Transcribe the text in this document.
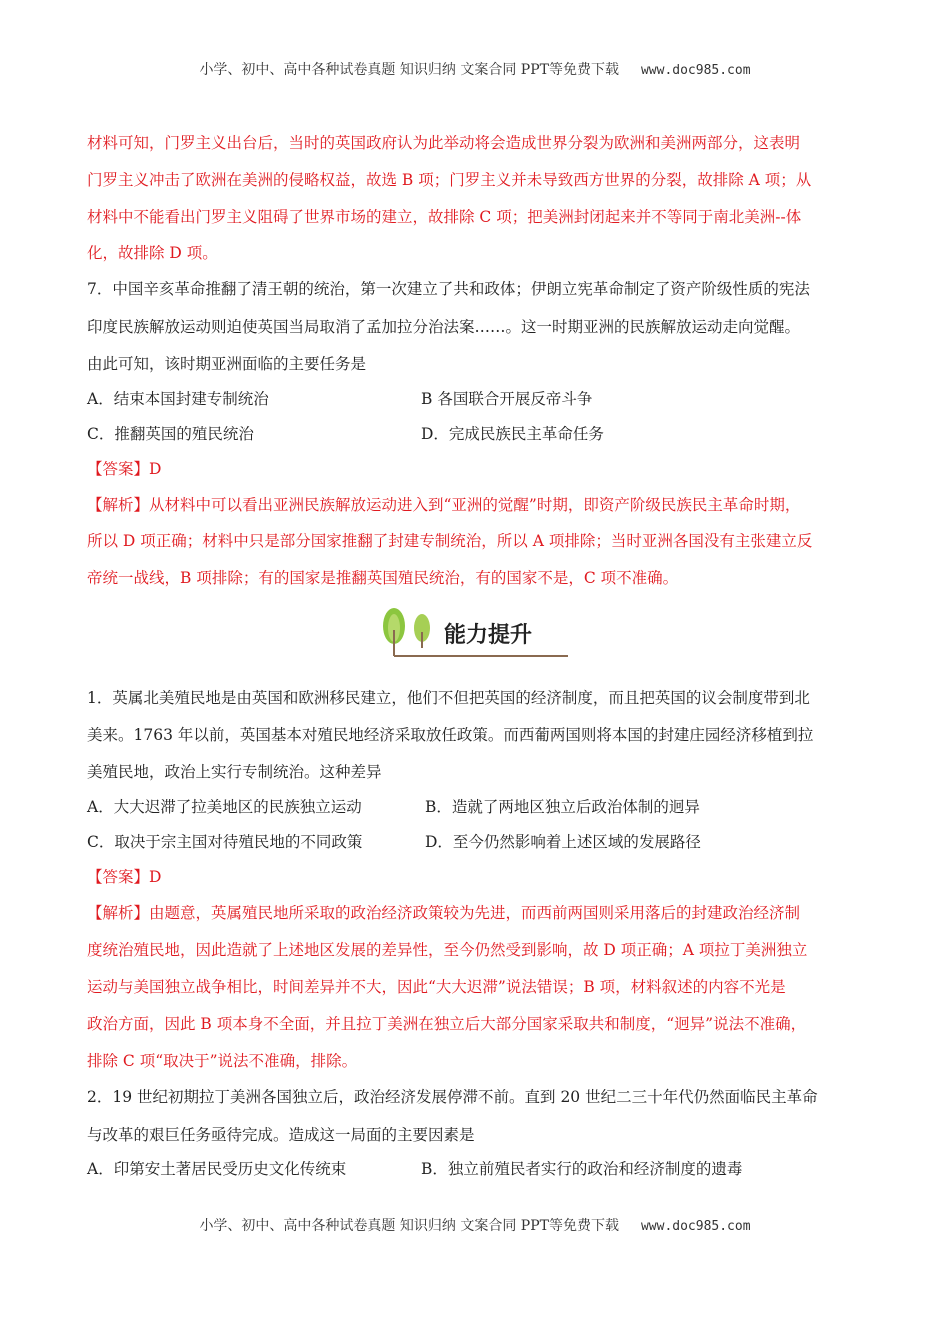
小学、初中、高中各种试卷真题 知识归纳 文案合同 PPT等免费下载 www.doc985.com
材料可知，门罗主义出台后，当时的英国政府认为此举动将会造成世界分裂为欧洲和美洲两部分，这表明
门罗主义冲击了欧洲在美洲的侵略权益，故选 B 项；门罗主义并未导致西方世界的分裂，故排除 A 项；从
材料中不能看出门罗主义阻碍了世界市场的建立，故排除 C 项；把美洲封闭起来并不等同于南北美洲--体
化，故排除 D 项。
7．中国辛亥革命推翻了清王朝的统治，第一次建立了共和政体；伊朗立宪革命制定了资产阶级性质的宪法
印度民族解放运动则迫使英国当局取消了孟加拉分治法案……。这一时期亚洲的民族解放运动走向觉醒。
由此可知，该时期亚洲面临的主要任务是
A．结束本国封建专制统治	B 各国联合开展反帝斗争
C．推翻英国的殖民统治	D．完成民族民主革命任务
【答案】D
【解析】从材料中可以看出亚洲民族解放运动进入到“亚洲的觉醒”时期，即资产阶级民族民主革命时期，
所以 D 项正确；材料中只是部分国家推翻了封建专制统治，所以 A 项排除；当时亚洲各国没有主张建立反
帝统一战线，B 项排除；有的国家是推翻英国殖民统治，有的国家不是，C 项不准确。
能力提升
1．英属北美殖民地是由英国和欧洲移民建立，他们不但把英国的经济制度，而且把英国的议会制度带到北
美来。1763 年以前，英国基本对殖民地经济采取放任政策。而西葡两国则将本国的封建庄园经济移植到拉
美殖民地，政治上实行专制统治。这种差异
A．大大迟滞了拉美地区的民族独立运动	B．造就了两地区独立后政治体制的迥异
C．取决于宗主国对待殖民地的不同政策	D．至今仍然影响着上述区域的发展路径
【答案】D
【解析】由题意，英属殖民地所采取的政治经济政策较为先进，而西前两国则采用落后的封建政治经济制
度统治殖民地，因此造就了上述地区发展的差异性，至今仍然受到影响，故 D 项正确；A 项拉丁美洲独立
运动与美国独立战争相比，时间差异并不大，因此“大大迟滞”说法错误；B 项，材料叙述的内容不光是
政治方面，因此 B 项本身不全面，并且拉丁美洲在独立后大部分国家采取共和制度，“迥异”说法不准确，
排除 C 项“取决于”说法不准确，排除。
2．19 世纪初期拉丁美洲各国独立后，政治经济发展停滞不前。直到 20 世纪二三十年代仍然面临民主革命
与改革的艰巨任务亟待完成。造成这一局面的主要因素是
A．印第安土著居民受历史文化传统束	B．独立前殖民者实行的政治和经济制度的遗毒
小学、初中、高中各种试卷真题 知识归纳 文案合同 PPT等免费下载 www.doc985.com
